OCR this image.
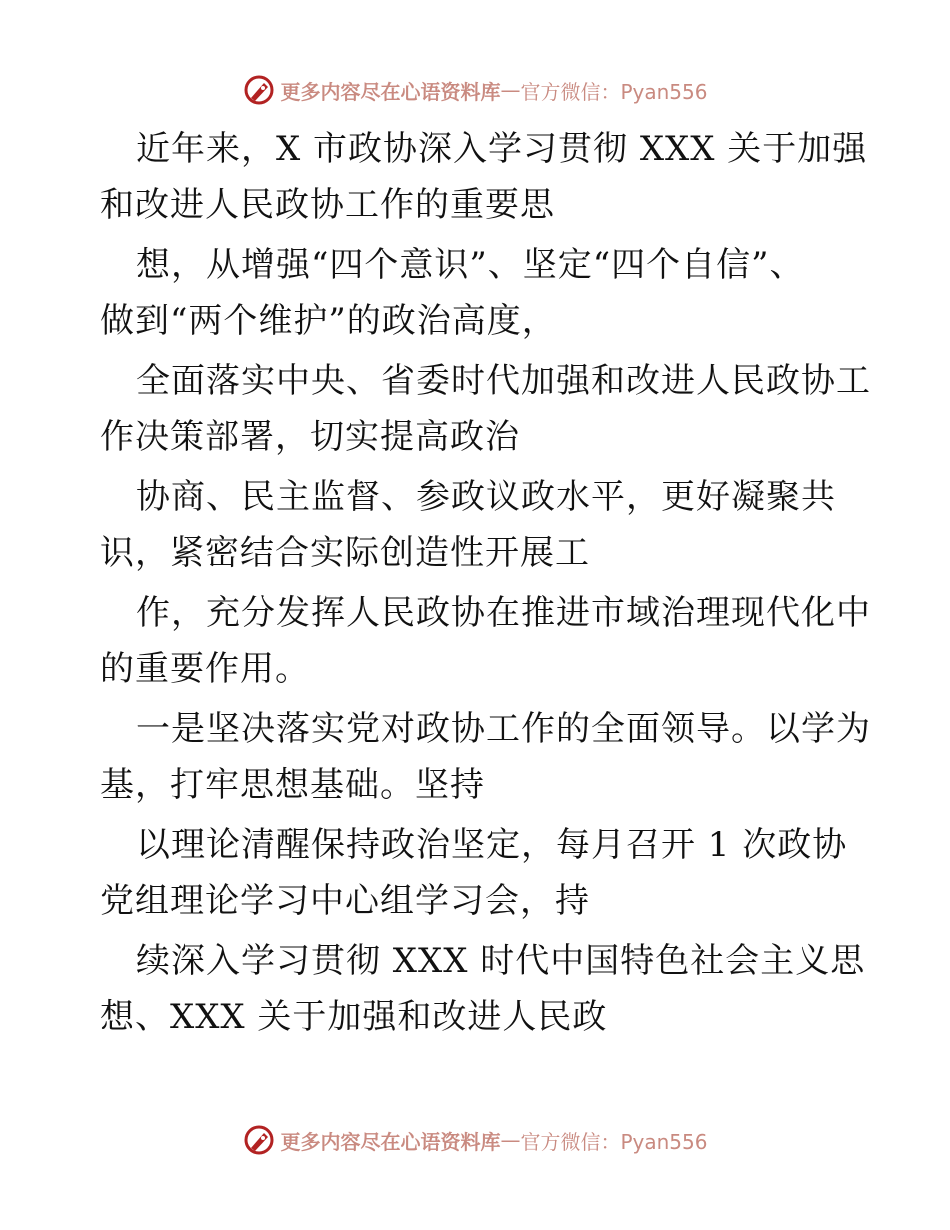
更多内容尽在心语资料库 — 官方微信：Pyan556
近年来，X 市政协深入学习贯彻 XXX 关于加强
和改进人民政协工作的重要思
想，从增强“四个意识”、坚定“四个自信”、
做到“两个维护”的政治高度，
全面落实中央、省委时代加强和改进人民政协工
作决策部署，切实提高政治
协商、民主监督、参政议政水平，更好凝聚共
识，紧密结合实际创造性开展工
作，充分发挥人民政协在推进市域治理现代化中
的重要作用。
一是坚决落实党对政协工作的全面领导。以学为
基，打牢思想基础。坚持
以理论清醒保持政治坚定，每月召开 1 次政协
党组理论学习中心组学习会，持
续深入学习贯彻 XXX 时代中国特色社会主义思
想、XXX 关于加强和改进人民政
更多内容尽在心语资料库 — 官方微信：Pyan556
